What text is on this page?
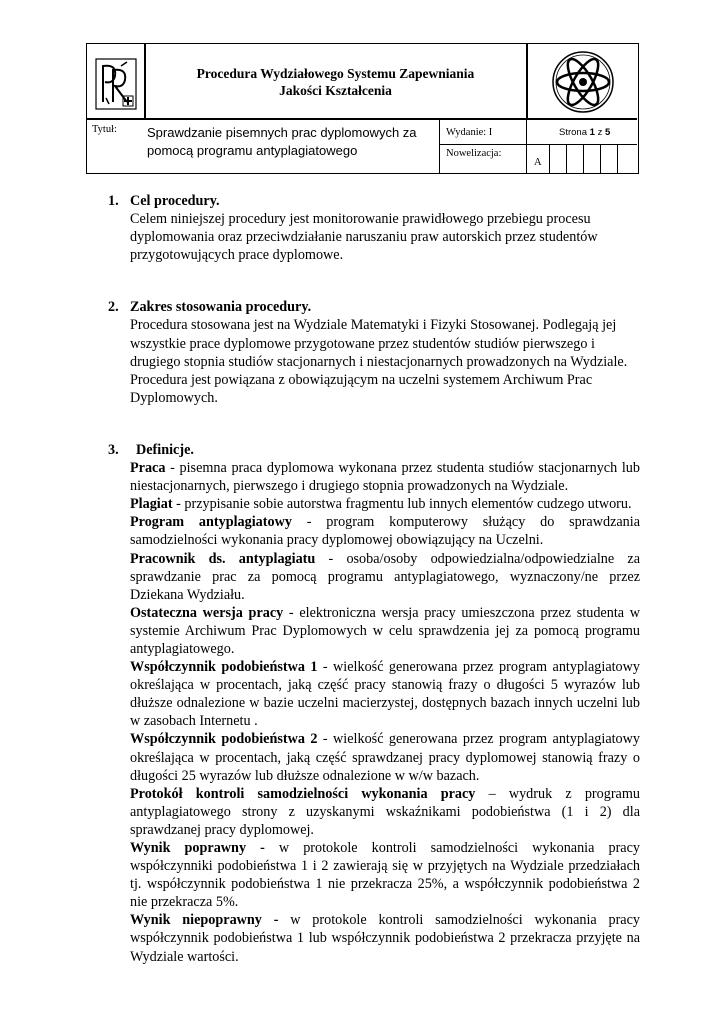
Procedura Wydziałowego Systemu Zapewniania
Jakości Kształcenia
Tytuł: Sprawdzanie pisemnych prac dyplomowych za pomocą programu antyplagiatowego
Wydanie: I	Strona 1 z 5
Nowelizacja:
A
1. Cel procedury.

Celem niniejszej procedury jest monitorowanie prawidłowego przebiegu procesu dyplomowania oraz przeciwdziałanie naruszaniu praw autorskich przez studentów przygotowujących prace dyplomowe.

2. Zakres stosowania procedury.

Procedura stosowana jest na Wydziale Matematyki i Fizyki Stosowanej. Podlegają jej wszystkie prace dyplomowe przygotowane przez studentów studiów pierwszego i drugiego stopnia studiów stacjonarnych i niestacjonarnych prowadzonych na Wydziale. Procedura jest powiązana z obowiązującym na uczelni systemem Archiwum Prac Dyplomowych.

3.	Definicje.

Praca - pisemna praca dyplomowa wykonana przez studenta studiów stacjonarnych lub niestacjonarnych, pierwszego i drugiego stopnia prowadzonych na Wydziale.

Plagiat - przypisanie sobie autorstwa fragmentu lub innych elementów cudzego utworu.

Program antyplagiatowy - program komputerowy służący do sprawdzania samodzielności wykonania pracy dyplomowej obowiązujący na Uczelni.

Pracownik ds. antyplagiatu - osoba/osoby odpowiedzialna/odpowiedzialne za sprawdzanie prac za pomocą programu antyplagiatowego, wyznaczony/ne przez Dziekana Wydziału.

Ostateczna wersja pracy - elektroniczna wersja pracy umieszczona przez studenta w systemie Archiwum Prac Dyplomowych w celu sprawdzenia jej za pomocą programu antyplagiatowego.

Współczynnik podobieństwa 1 - wielkość generowana przez program antyplagiatowy określająca w procentach, jaką część pracy stanowią frazy o długości 5 wyrazów lub dłuższe odnalezione w bazie uczelni macierzystej, dostępnych bazach innych uczelni lub w zasobach Internetu .

Współczynnik podobieństwa 2 - wielkość generowana przez program antyplagiatowy określająca w procentach, jaką część sprawdzanej pracy dyplomowej stanowią frazy o długości 25 wyrazów lub dłuższe odnalezione w w/w bazach.

Protokół kontroli samodzielności wykonania pracy – wydruk z programu antyplagiatowego strony z uzyskanymi wskaźnikami podobieństwa (1 i 2) dla sprawdzanej pracy dyplomowej.

Wynik poprawny - w protokole kontroli samodzielności wykonania pracy współczynniki podobieństwa 1 i 2 zawierają się w przyjętych na Wydziale przedziałach tj. współczynnik podobieństwa 1 nie przekracza 25%, a współczynnik podobieństwa 2 nie przekracza 5%.

Wynik niepoprawny - w protokole kontroli samodzielności wykonania pracy współczynnik podobieństwa 1 lub współczynnik podobieństwa 2 przekracza przyjęte na Wydziale wartości.
